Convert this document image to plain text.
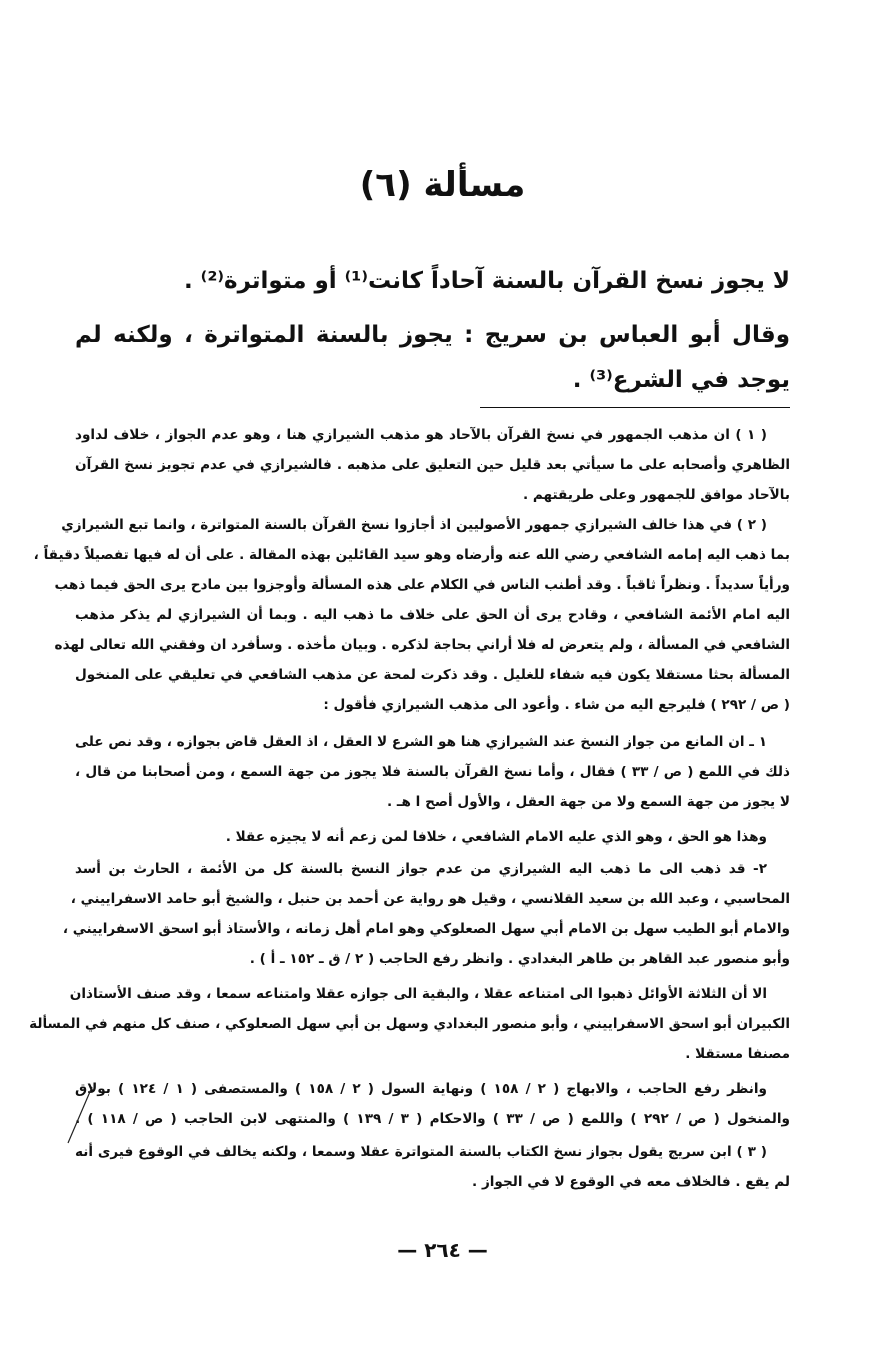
مسألة (٦)
لا يجوز نسخ القرآن بالسنة آحاداً كانت⁽¹⁾ أو متواترة⁽²⁾ .
وقال أبو العباس بن سريج : يجوز بالسنة المتواترة ، ولكنه لم
يوجد في الشرع⁽³⁾ .
( ١ ) ان مذهب الجمهور في نسخ القرآن بالآحاد هو مذهب الشيرازي هنا ، وهو عدم الجواز ، خلاف لداود
الظاهري وأصحابه على ما سيأتي بعد قليل حين التعليق على مذهبه . فالشيرازي في عدم تجويز نسخ القرآن
بالآحاد موافق للجمهور وعلى طريقتهم .
( ٢ ) في هذا خالف الشيرازي جمهور الأصوليين اذ أجازوا نسخ القرآن بالسنة المتواترة ، وانما تبع الشيرازي
بما ذهب اليه إمامه الشافعي رضي الله عنه وأرضاه وهو سيد القائلين بهذه المقالة . على أن له فيها تفصيلاً دقيقاً ،
ورأياً سديداً . ونظراً ثاقباً . وقد أطنب الناس في الكلام على هذه المسألة وأوجزوا بين مادح يرى الحق فيما ذهب
اليه امام الأئمة الشافعي ، وقادح يرى أن الحق على خلاف ما ذهب اليه . وبما أن الشيرازي لم يذكر مذهب
الشافعي في المسألة ، ولم يتعرض له فلا أراني بحاجة لذكره . وبيان مأخذه . وسأفرد ان وفقني الله تعالى لهذه
المسألة بحثا مستقلا يكون فيه شفاء للغليل . وقد ذكرت لمحة عن مذهب الشافعي في تعليقي على المنخول
( ص / ٢٩٢ ) فليرجع اليه من شاء . وأعود الى مذهب الشيرازي فأقول :
١ ـ ان المانع من جواز النسخ عند الشيرازي هنا هو الشرع لا العقل ، اذ العقل قاض بجوازه ، وقد نص على
ذلك في اللمع ( ص / ٣٣ ) فقال ، وأما نسخ القرآن بالسنة فلا يجوز من جهة السمع ، ومن أصحابنا من قال ،
لا يجوز من جهة السمع ولا من جهة العقل ، والأول أصح ا هـ .
وهذا هو الحق ، وهو الذي عليه الامام الشافعي ، خلافا لمن زعم أنه لا يجيزه عقلا .
٢- قد ذهب الى ما ذهب اليه الشيرازي من عدم جواز النسخ بالسنة كل من الأئمة ، الحارث بن أسد
المحاسبي ، وعبد الله بن سعيد القلانسي ، وقيل هو رواية عن أحمد بن حنبل ، والشيخ أبو حامد الاسفراييني ،
والامام أبو الطيب سهل بن الامام أبي سهل الصعلوكي وهو امام أهل زمانه ، والأستاذ أبو اسحق الاسفراييني ،
وأبو منصور عبد القاهر بن طاهر البغدادي . وانظر رفع الحاجب ( ٢ / ق ـ ١٥٢ ـ أ ) .
الا أن الثلاثة الأوائل ذهبوا الى امتناعه عقلا ، والبقية الى جوازه عقلا وامتناعه سمعا ، وقد صنف الأستاذان
الكبيران أبو اسحق الاسفراييني ، وأبو منصور البغدادي وسهل بن أبي سهل الصعلوكي ، صنف كل منهم في المسألة
مصنفا مستقلا .
وانظر رفع الحاجب ، والابهاج ( ٢ / ١٥٨ ) ونهاية السول ( ٢ / ١٥٨ ) والمستصفى ( ١ / ١٢٤ ) بولاق
والمنخول ( ص / ٢٩٢ ) واللمع ( ص / ٣٣ ) والاحكام ( ٣ / ١٣٩ ) والمنتهى لابن الحاجب ( ص / ١١٨ ) .
( ٣ ) ابن سريج يقول بجواز نسخ الكتاب بالسنة المتواترة عقلا وسمعا ، ولكنه يخالف في الوقوع فيرى أنه
لم يقع . فالخلاف معه في الوقوع لا في الجواز .
— ٢٦٤ —
